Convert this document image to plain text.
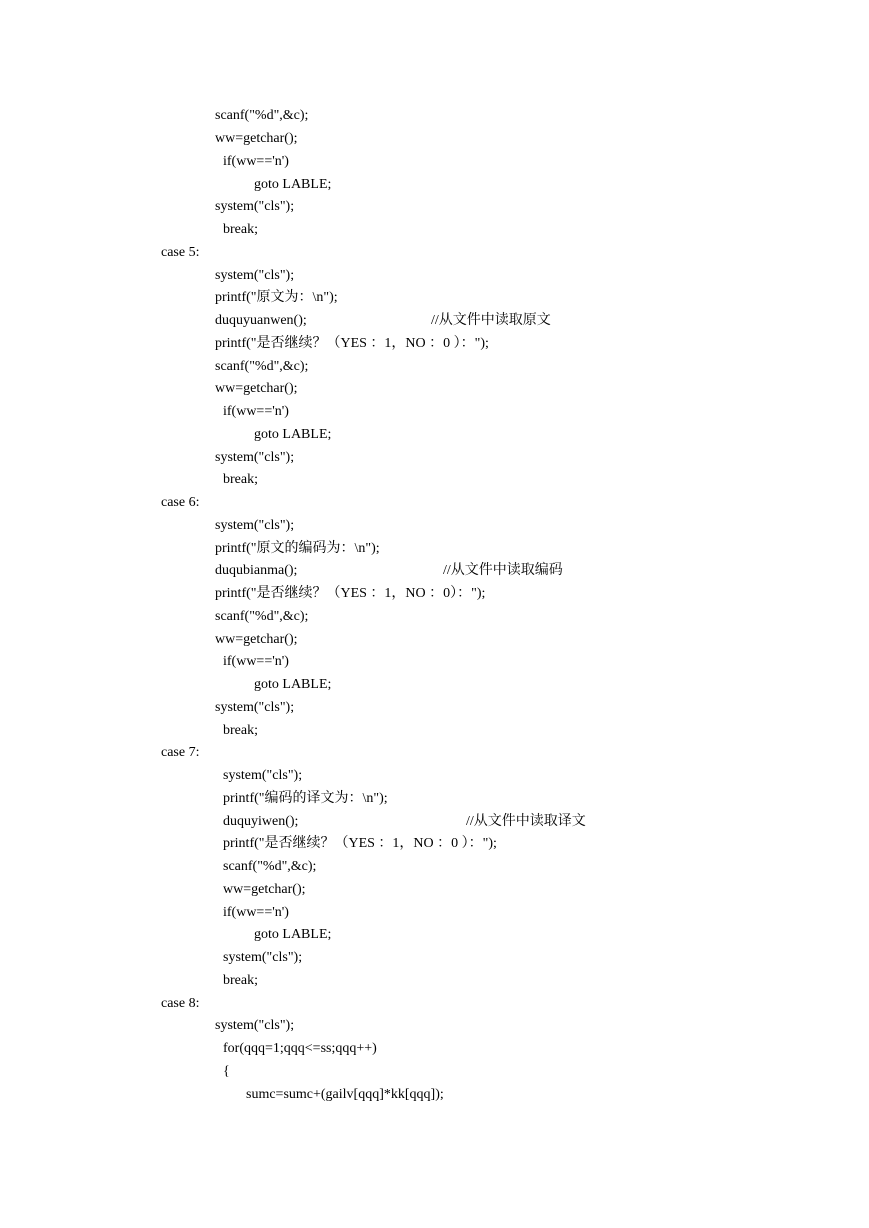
scanf("%d",&c);
ww=getchar();
if(ww=='n')
goto LABLE;
system("cls");
break;
case 5:
system("cls");
printf("原文为：\n");
duquyuanwen();	//从文件中读取原文
printf("是否继续？（YES ：1，NO ：0 ）：");
scanf("%d",&c);
ww=getchar();
if(ww=='n')
goto LABLE;
system("cls");
break;
case 6:
system("cls");
printf("原文的编码为：\n");
duqubianma();	//从文件中读取编码
printf("是否继续？（YES ：1，NO ：0）：");
scanf("%d",&c);
ww=getchar();
if(ww=='n')
goto LABLE;
system("cls");
break;
case 7:
system("cls");
printf("编码的译文为：\n");
duquyiwen();	//从文件中读取译文
printf("是否继续？（YES ：1，NO ：0 ）：");
scanf("%d",&c);
ww=getchar();
if(ww=='n')
goto LABLE;
system("cls");
break;
case 8:
system("cls");
for(qqq=1;qqq<=ss;qqq++)
{
sumc=sumc+(gailv[qqq]*kk[qqq]);
